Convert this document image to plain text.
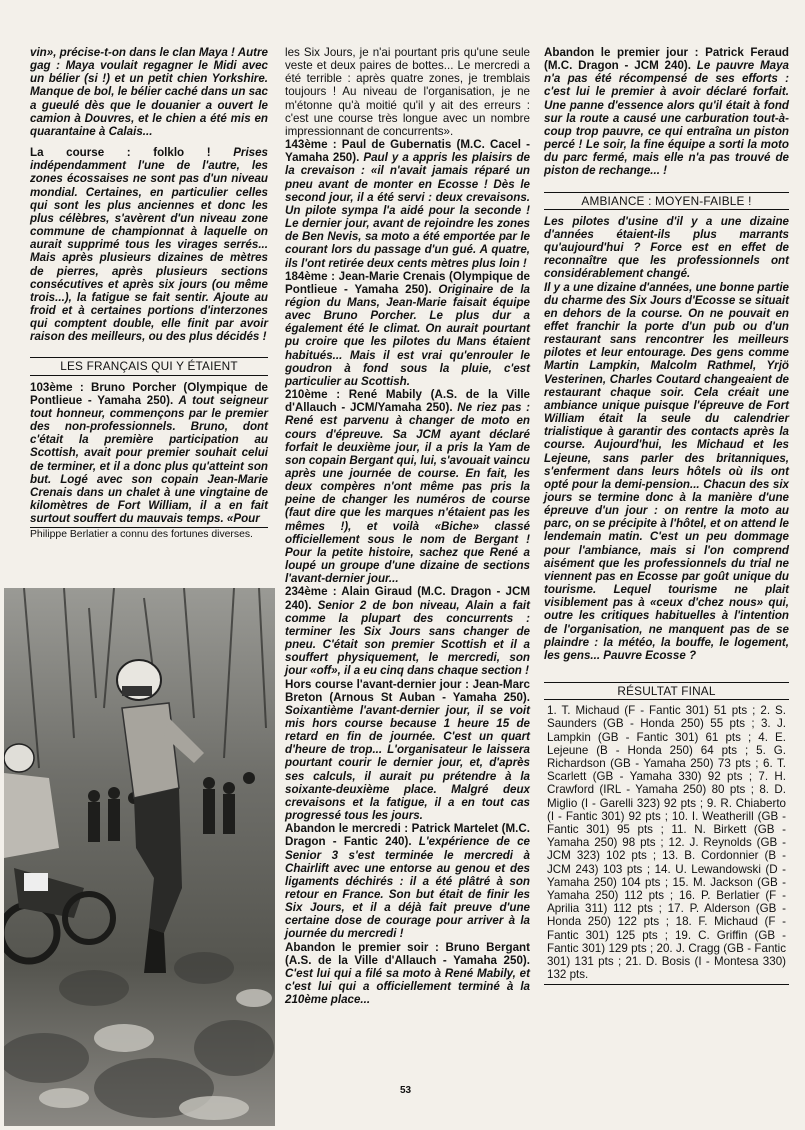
vin», précise-t-on dans le clan Maya ! Autre gag : Maya voulait regagner le Midi avec un bélier (si !) et un petit chien Yorkshire. Manque de bol, le bélier caché dans un sac a gueulé dès que le douanier a ouvert le camion à Douvres, et le chien a été mis en quarantaine à Calais...

La course : folklo ! Prises indépendamment l'une de l'autre, les zones écossaises ne sont pas d'un niveau mondial. Certaines, en particulier celles qui sont les plus anciennes et donc les plus célèbres, s'avèrent d'un niveau zone commune de championnat à laquelle on aurait supprimé tous les virages serrés... Mais après plusieurs dizaines de mètres de pierres, après plusieurs sections consécutives et après six jours (ou même trois...), la fatigue se fait sentir. Ajoute au froid et à certaines portions d'interzones qui comptent double, elle finit par avoir raison des meilleurs, ou des plus décidés !

LES FRANÇAIS QUI Y ÉTAIENT

103ème : Bruno Porcher (Olympique de Pontlieue - Yamaha 250). A tout seigneur tout honneur, commençons par le premier des non-professionnels. Bruno, dont c'était la première participation au Scottish, avait pour premier souhait celui de terminer, et il a donc plus qu'atteint son but. Logé avec son copain Jean-Marie Crenais dans un chalet à une vingtaine de kilomètres de Fort William, il a en fait surtout souffert du mauvais temps. «Pour

Philippe Berlatier a connu des fortunes diverses.

les Six Jours, je n'ai pourtant pris qu'une seule veste et deux paires de bottes... Le mercredi a été terrible : après quatre zones, je tremblais toujours ! Au niveau de l'organisation, je ne m'étonne qu'à moitié qu'il y ait des erreurs : c'est une course très longue avec un nombre impressionnant de concurrents».

143ème : Paul de Gubernatis (M.C. Cacel - Yamaha 250). Paul y a appris les plaisirs de la crevaison : «il n'avait jamais réparé un pneu avant de monter en Ecosse ! Dès le second jour, il a été servi : deux crevaisons. Un pilote sympa l'a aidé pour la seconde ! Le dernier jour, avant de rejoindre les zones de Ben Nevis, sa moto a été emportée par le courant lors du passage d'un gué. A quatre, ils l'ont retirée deux cents mètres plus loin !

184ème : Jean-Marie Crenais (Olympique de Pontlieue - Yamaha 250). Originaire de la région du Mans, Jean-Marie faisait équipe avec Bruno Porcher. Le plus dur a également été le climat. On aurait pourtant pu croire que les pilotes du Mans étaient habitués... Mais il est vrai qu'enrouler le goudron à fond sous la pluie, c'est particulier au Scottish.

210ème : René Mabily (A.S. de la Ville d'Allauch - JCM/Yamaha 250). Ne riez pas : René est parvenu à changer de moto en cours d'épreuve. Sa JCM ayant déclaré forfait le deuxième jour, il a pris la Yam de son copain Bergant qui, lui, s'avouait vaincu après une journée de course. En fait, les deux compères n'ont même pas pris la peine de changer les numéros de course (faut dire que les marques n'étaient pas les mêmes !), et voilà «Biche» classé officiellement sous le nom de Bergant ! Pour la petite histoire, sachez que René a loupé un groupe d'une dizaine de sections l'avant-dernier jour...

234ème : Alain Giraud (M.C. Dragon - JCM 240). Senior 2 de bon niveau, Alain a fait comme la plupart des concurrents : terminer les Six Jours sans changer de pneu. C'était son premier Scottish et il a souffert physiquement, le mercredi, son jour «off», il a eu cinq dans chaque section !

Hors course l'avant-dernier jour : Jean-Marc Breton (Arnous St Auban - Yamaha 250). Soixantième l'avant-dernier jour, il se voit mis hors course because 1 heure 15 de retard en fin de journée. C'est un quart d'heure de trop... L'organisateur le laissera pourtant courir le dernier jour, et, d'après ses calculs, il aurait pu prétendre à la soixante-deuxième place. Malgré deux crevaisons et la fatigue, il a en tout cas progressé tous les jours.

Abandon le mercredi : Patrick Martelet (M.C. Dragon - Fantic 240). L'expérience de ce Senior 3 s'est terminée le mercredi à Chairlift avec une entorse au genou et des ligaments déchirés : il a été plâtré à son retour en France. Son but était de finir les Six Jours, et il a déjà fait preuve d'une certaine dose de courage pour arriver à la journée du mercredi !

Abandon le premier soir : Bruno Bergant (A.S. de la Ville d'Allauch - Yamaha 250). C'est lui qui a filé sa moto à René Mabily, et c'est lui qui a officiellement terminé à la 210ème place...

Abandon le premier jour : Patrick Feraud (M.C. Dragon - JCM 240). Le pauvre Maya n'a pas été récompensé de ses efforts : c'est lui le premier à avoir déclaré forfait. Une panne d'essence alors qu'il était à fond sur la route a causé une carburation tout-à-coup trop pauvre, ce qui entraîna un piston percé ! Le soir, la fine équipe a sorti la moto du parc fermé, mais elle n'a pas trouvé de piston de rechange... !

AMBIANCE : MOYEN-FAIBLE !

Les pilotes d'usine d'il y a une dizaine d'années étaient-ils plus marrants qu'aujourd'hui ? Force est en effet de reconnaître que les professionnels ont considérablement changé.

Il y a une dizaine d'années, une bonne partie du charme des Six Jours d'Ecosse se situait en dehors de la course. On ne pouvait en effet franchir la porte d'un pub ou d'un restaurant sans rencontrer les meilleurs pilotes et leur entourage. Des gens comme Martin Lampkin, Malcolm Rathmel, Yrjö Vesterinen, Charles Coutard changeaient de restaurant chaque soir. Cela créait une ambiance unique puisque l'épreuve de Fort William était la seule du calendrier trialistique à garantir des contacts après la course. Aujourd'hui, les Michaud et les Lejeune, sans parler des britanniques, s'enferment dans leurs hôtels où ils ont opté pour la demi-pension... Chacun des six jours se termine donc à la manière d'une épreuve d'un jour : on rentre la moto au parc, on se précipite à l'hôtel, et on attend le lendemain matin. C'est un peu dommage pour l'ambiance, mais si l'on comprend aisément que les professionnels du trial ne viennent pas en Ecosse par goût unique du tourisme. Lequel tourisme ne plait visiblement pas à «ceux d'chez nous» qui, outre les critiques habituelles à l'intention de l'organisation, ne manquent pas de se plaindre : la météo, la bouffe, le logement, les gens... Pauvre Ecosse ?

RÉSULTAT FINAL

1. T. Michaud (F - Fantic 301) 51 pts ; 2. S. Saunders (GB - Honda 250) 55 pts ; 3. J. Lampkin (GB - Fantic 301) 61 pts ; 4. E. Lejeune (B - Honda 250) 64 pts ; 5. G. Richardson (GB - Yamaha 250) 73 pts ; 6. T. Scarlett (GB - Yamaha 330) 92 pts ; 7. H. Crawford (IRL - Yamaha 250) 80 pts ; 8. D. Miglio (I - Garelli 323) 92 pts ; 9. R. Chiaberto (I - Fantic 301) 92 pts ; 10. I. Weatherill (GB - Fantic 301) 95 pts ; 11. N. Birkett (GB - Yamaha 250) 98 pts ; 12. J. Reynolds (GB - JCM 323) 102 pts ; 13. B. Cordonnier (B - JCM 243) 103 pts ; 14. U. Lewandowski (D - Yamaha 250) 104 pts ; 15. M. Jackson (GB - Yamaha 250) 112 pts ; 16. P. Berlatier (F - Aprilia 311) 112 pts ; 17. P. Alderson (GB - Honda 250) 122 pts ; 18. F. Michaud (F - Fantic 301) 125 pts ; 19. C. Griffin (GB - Fantic 301) 129 pts ; 20. J. Cragg (GB - Fantic 301) 131 pts ; 21. D. Bosis (I - Montesa 330) 132 pts.

53
